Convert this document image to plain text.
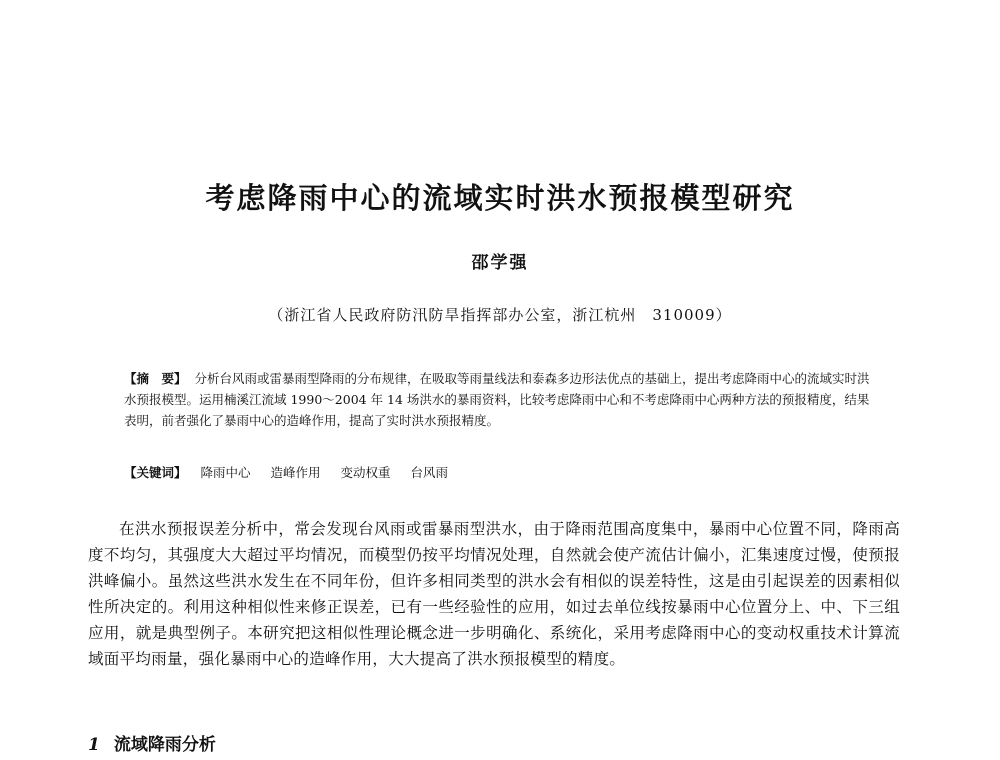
考虑降雨中心的流域实时洪水预报模型研究
邵学强
（浙江省人民政府防汛防旱指挥部办公室，浙江杭州　310009）
【摘　要】 分析台风雨或雷暴雨型降雨的分布规律，在吸取等雨量线法和泰森多边形法优点的基础上，提出考虑降雨中心的流域实时洪水预报模型。运用楠溪江流域 1990～2004 年 14 场洪水的暴雨资料，比较考虑降雨中心和不考虑降雨中心两种方法的预报精度，结果表明，前者强化了暴雨中心的造峰作用，提高了实时洪水预报精度。
【关键词】 降雨中心 造峰作用 变动权重 台风雨
在洪水预报误差分析中，常会发现台风雨或雷暴雨型洪水，由于降雨范围高度集中，暴雨中心位置不同，降雨高度不均匀，其强度大大超过平均情况，而模型仍按平均情况处理，自然就会使产流估计偏小，汇集速度过慢，使预报洪峰偏小。虽然这些洪水发生在不同年份，但许多相同类型的洪水会有相似的误差特性，这是由引起误差的因素相似性所决定的。利用这种相似性来修正误差，已有一些经验性的应用，如过去单位线按暴雨中心位置分上、中、下三组应用，就是典型例子。本研究把这相似性理论概念进一步明确化、系统化，采用考虑降雨中心的变动权重技术计算流域面平均雨量，强化暴雨中心的造峰作用，大大提高了洪水预报模型的精度。
1 流域降雨分析
